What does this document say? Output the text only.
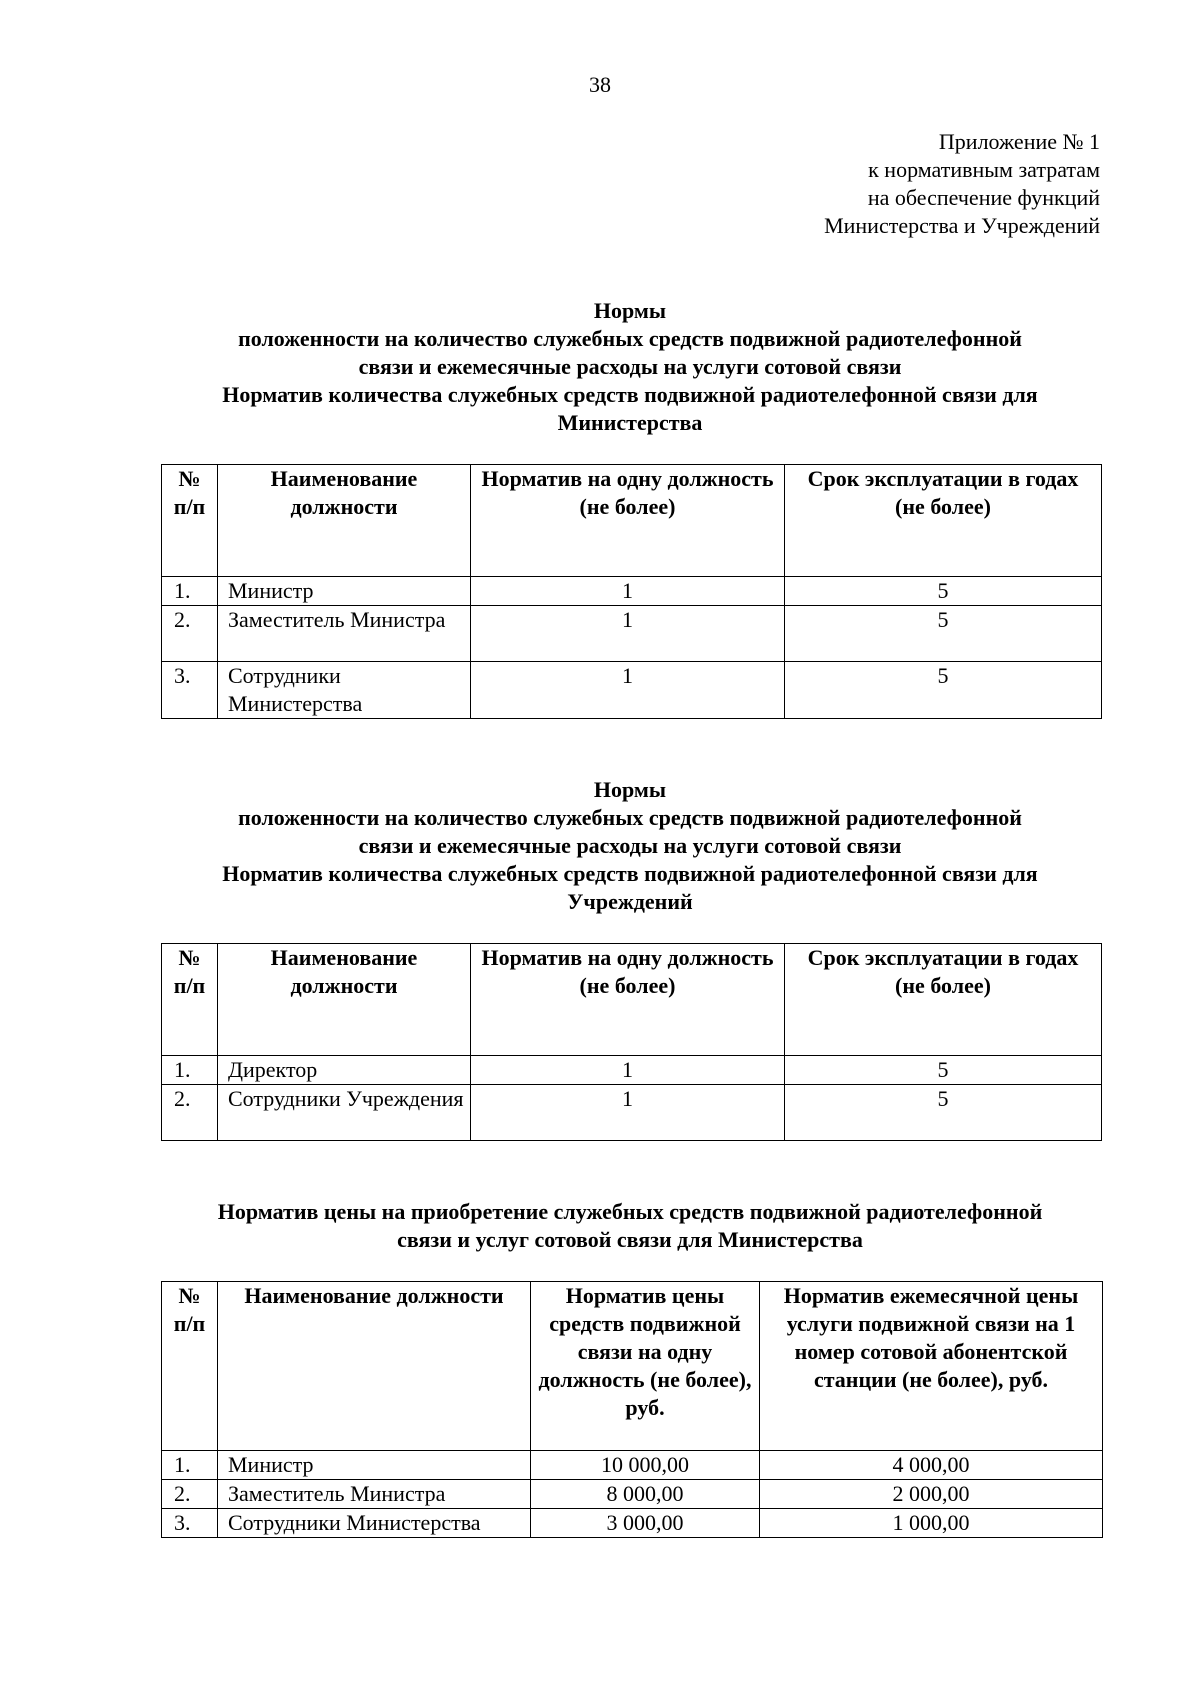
38
Приложение № 1
к нормативным затратам
на обеспечение функций
Министерства и Учреждений
Нормы
положенности на количество служебных средств подвижной радиотелефонной
связи и ежемесячные расходы на услуги сотовой связи
Норматив количества служебных средств подвижной радиотелефонной связи для
Министерства
№ п/п	Наименование должности	Норматив на одну должность (не более)	Срок эксплуатации в годах (не более)
1.	Министр	1	5
2.	Заместитель Министра	1	5
3.	Сотрудники Министерства	1	5
Нормы
положенности на количество служебных средств подвижной радиотелефонной
связи и ежемесячные расходы на услуги сотовой связи
Норматив количества служебных средств подвижной радиотелефонной связи для
Учреждений
№ п/п	Наименование должности	Норматив на одну должность (не более)	Срок эксплуатации в годах (не более)
1.	Директор	1	5
2.	Сотрудники Учреждения	1	5
Норматив цены на приобретение служебных средств подвижной радиотелефонной
связи и услуг сотовой связи для Министерства
№ п/п	Наименование должности	Норматив цены средств подвижной связи на одну должность (не более), руб.	Норматив ежемесячной цены услуги подвижной связи на 1 номер сотовой абонентской станции (не более), руб.
1.	Министр	10 000,00	4 000,00
2.	Заместитель Министра	8 000,00	2 000,00
3.	Сотрудники Министерства	3 000,00	1 000,00
